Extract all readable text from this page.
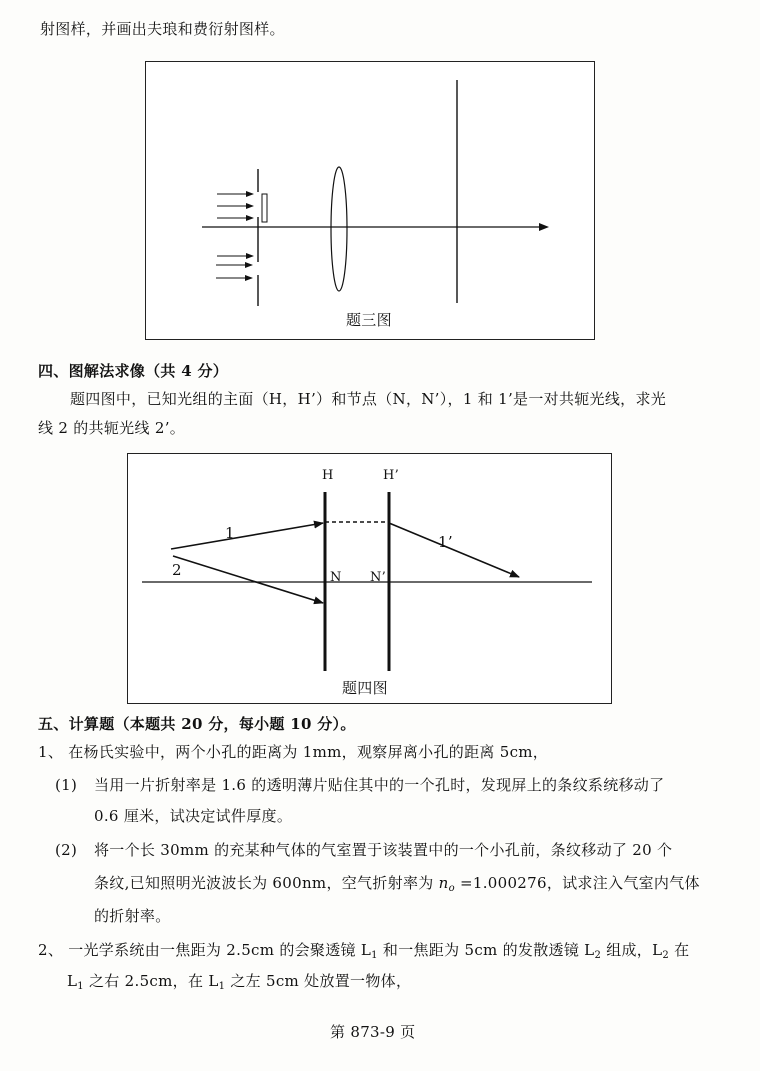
射图样，并画出夫琅和费衍射图样。
题三图
四、图解法求像（共 4 分）
题四图中，已知光组的主面（H，H’）和节点（N，N’），1 和 1’是一对共轭光线，求光
线 2 的共轭光线 2’。
H	H’
N N’
1	1’
2
题四图
五、计算题（本题共 20 分，每小题 10 分）。
1、 在杨氏实验中，两个小孔的距离为 1mm，观察屏离小孔的距离 5cm，
(1) 当用一片折射率是 1.6 的透明薄片贴住其中的一个孔时，发现屏上的条纹系统移动了
0.6 厘米，试决定试件厚度。
(2) 将一个长 30mm 的充某种气体的气室置于该装置中的一个小孔前，条纹移动了 20 个
条纹,已知照明光波波长为 600nm，空气折射率为 $n_o =1.000276$，试求注入气室内气体
的折射率。
2、 一光学系统由一焦距为 2.5cm 的会聚透镜 $L_1$ 和一焦距为 5cm 的发散透镜 $L_2$ 组成，$L_2$ 在
$L_1$ 之右 2.5cm，在 $L_1$ 之左 5cm 处放置一物体，
第 873-9 页
